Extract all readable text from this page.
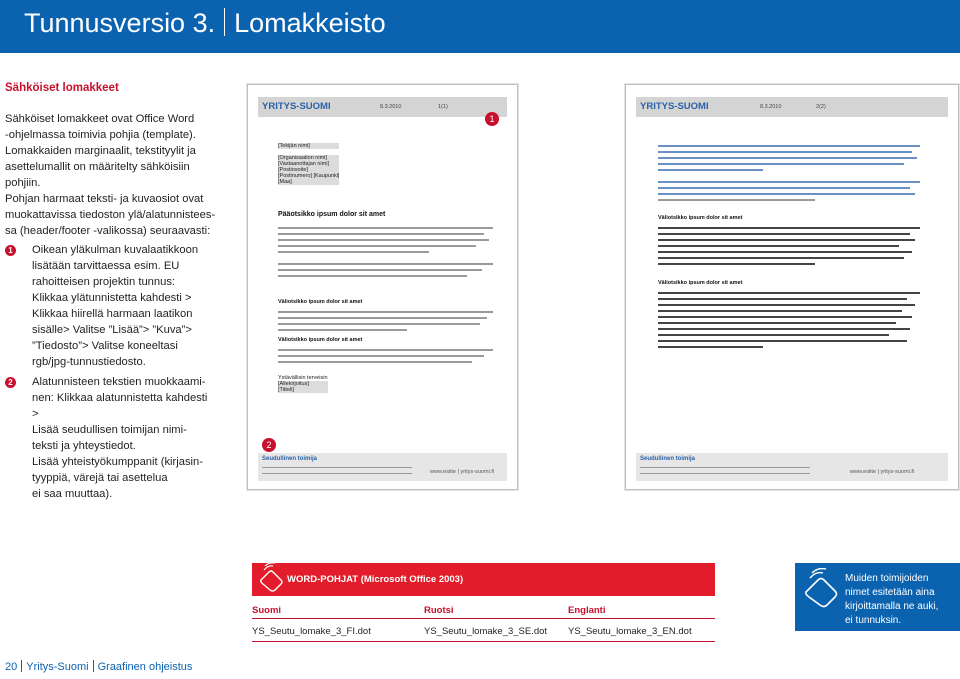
Tunnusversio 3. Lomakkeisto
Sähköiset lomakkeet
Sähköiset lomakkeet ovat Office Word
-ohjelmassa toimivia pohjia (template).
Lomakkaiden marginaalit, tekstityylit ja
asettelumallit on määritelty sähköisiin
pohjiin.
Pohjan harmaat teksti- ja kuvaosiot ovat
muokattavissa tiedoston ylä/alatunnistees-
sa (header/footer -valikossa) seuraavasti:
1 Oikean yläkulman kuvalaatikkoon
lisätään tarvittaessa esim. EU
rahoitteisen projektin tunnus:
Klikkaa ylätunnistetta kahdesti >
Klikkaa hiirellä harmaan laatikon
sisälle> Valitse ”Lisää”> ”Kuva”>
”Tiedosto”> Valitse koneeltasi
rgb/jpg-tunnustiedosto.
2 Alatunnisteen tekstien muokkaami-
nen: Klikkaa alatunnistetta kahdesti >
Lisää seudullisen toimijan nimi-
teksti ja yhteystiedot.
Lisää yhteistyökumppanit (kirjasin-
tyyppiä, värejä tai asettelua
ei saa muuttaa).
YRITYS-SUOMI	8.3.2010	1(1)
1
[Tekijän nimi]
[Organisaation nimi]
[Vastaanottajan nimi]
[Postiosoite]
[Postinumero] [Kaupunki]
[Maa]
Pääotsikko ipsum dolor sit amet
Väliotsikko ipsum dolor sit amet
Väliotsikko ipsum dolor sit amet
Ystävällisin terveisin
[Allekirjoitus]
[Titteli]
2
Seudullinen toimija
www.esiite | yritys-suomi.fi
YRITYS-SUOMI	8.3.2010	2(2)
Väliotsikko ipsum dolor sit amet
Väliotsikko ipsum dolor sit amet
Seudullinen toimija
www.esiite | yritys-suomi.fi
WORD-POHJAT (Microsoft Office 2003)
Suomi	Ruotsi	Englanti
YS_Seutu_lomake_3_FI.dot	YS_Seutu_lomake_3_SE.dot YS_Seutu_lomake_3_EN.dot
Muiden toimijoiden
nimet esitetään aina
kirjoittamalla ne auki,
ei tunnuksin.
20 Yritys-Suomi Graafinen ohjeistus
